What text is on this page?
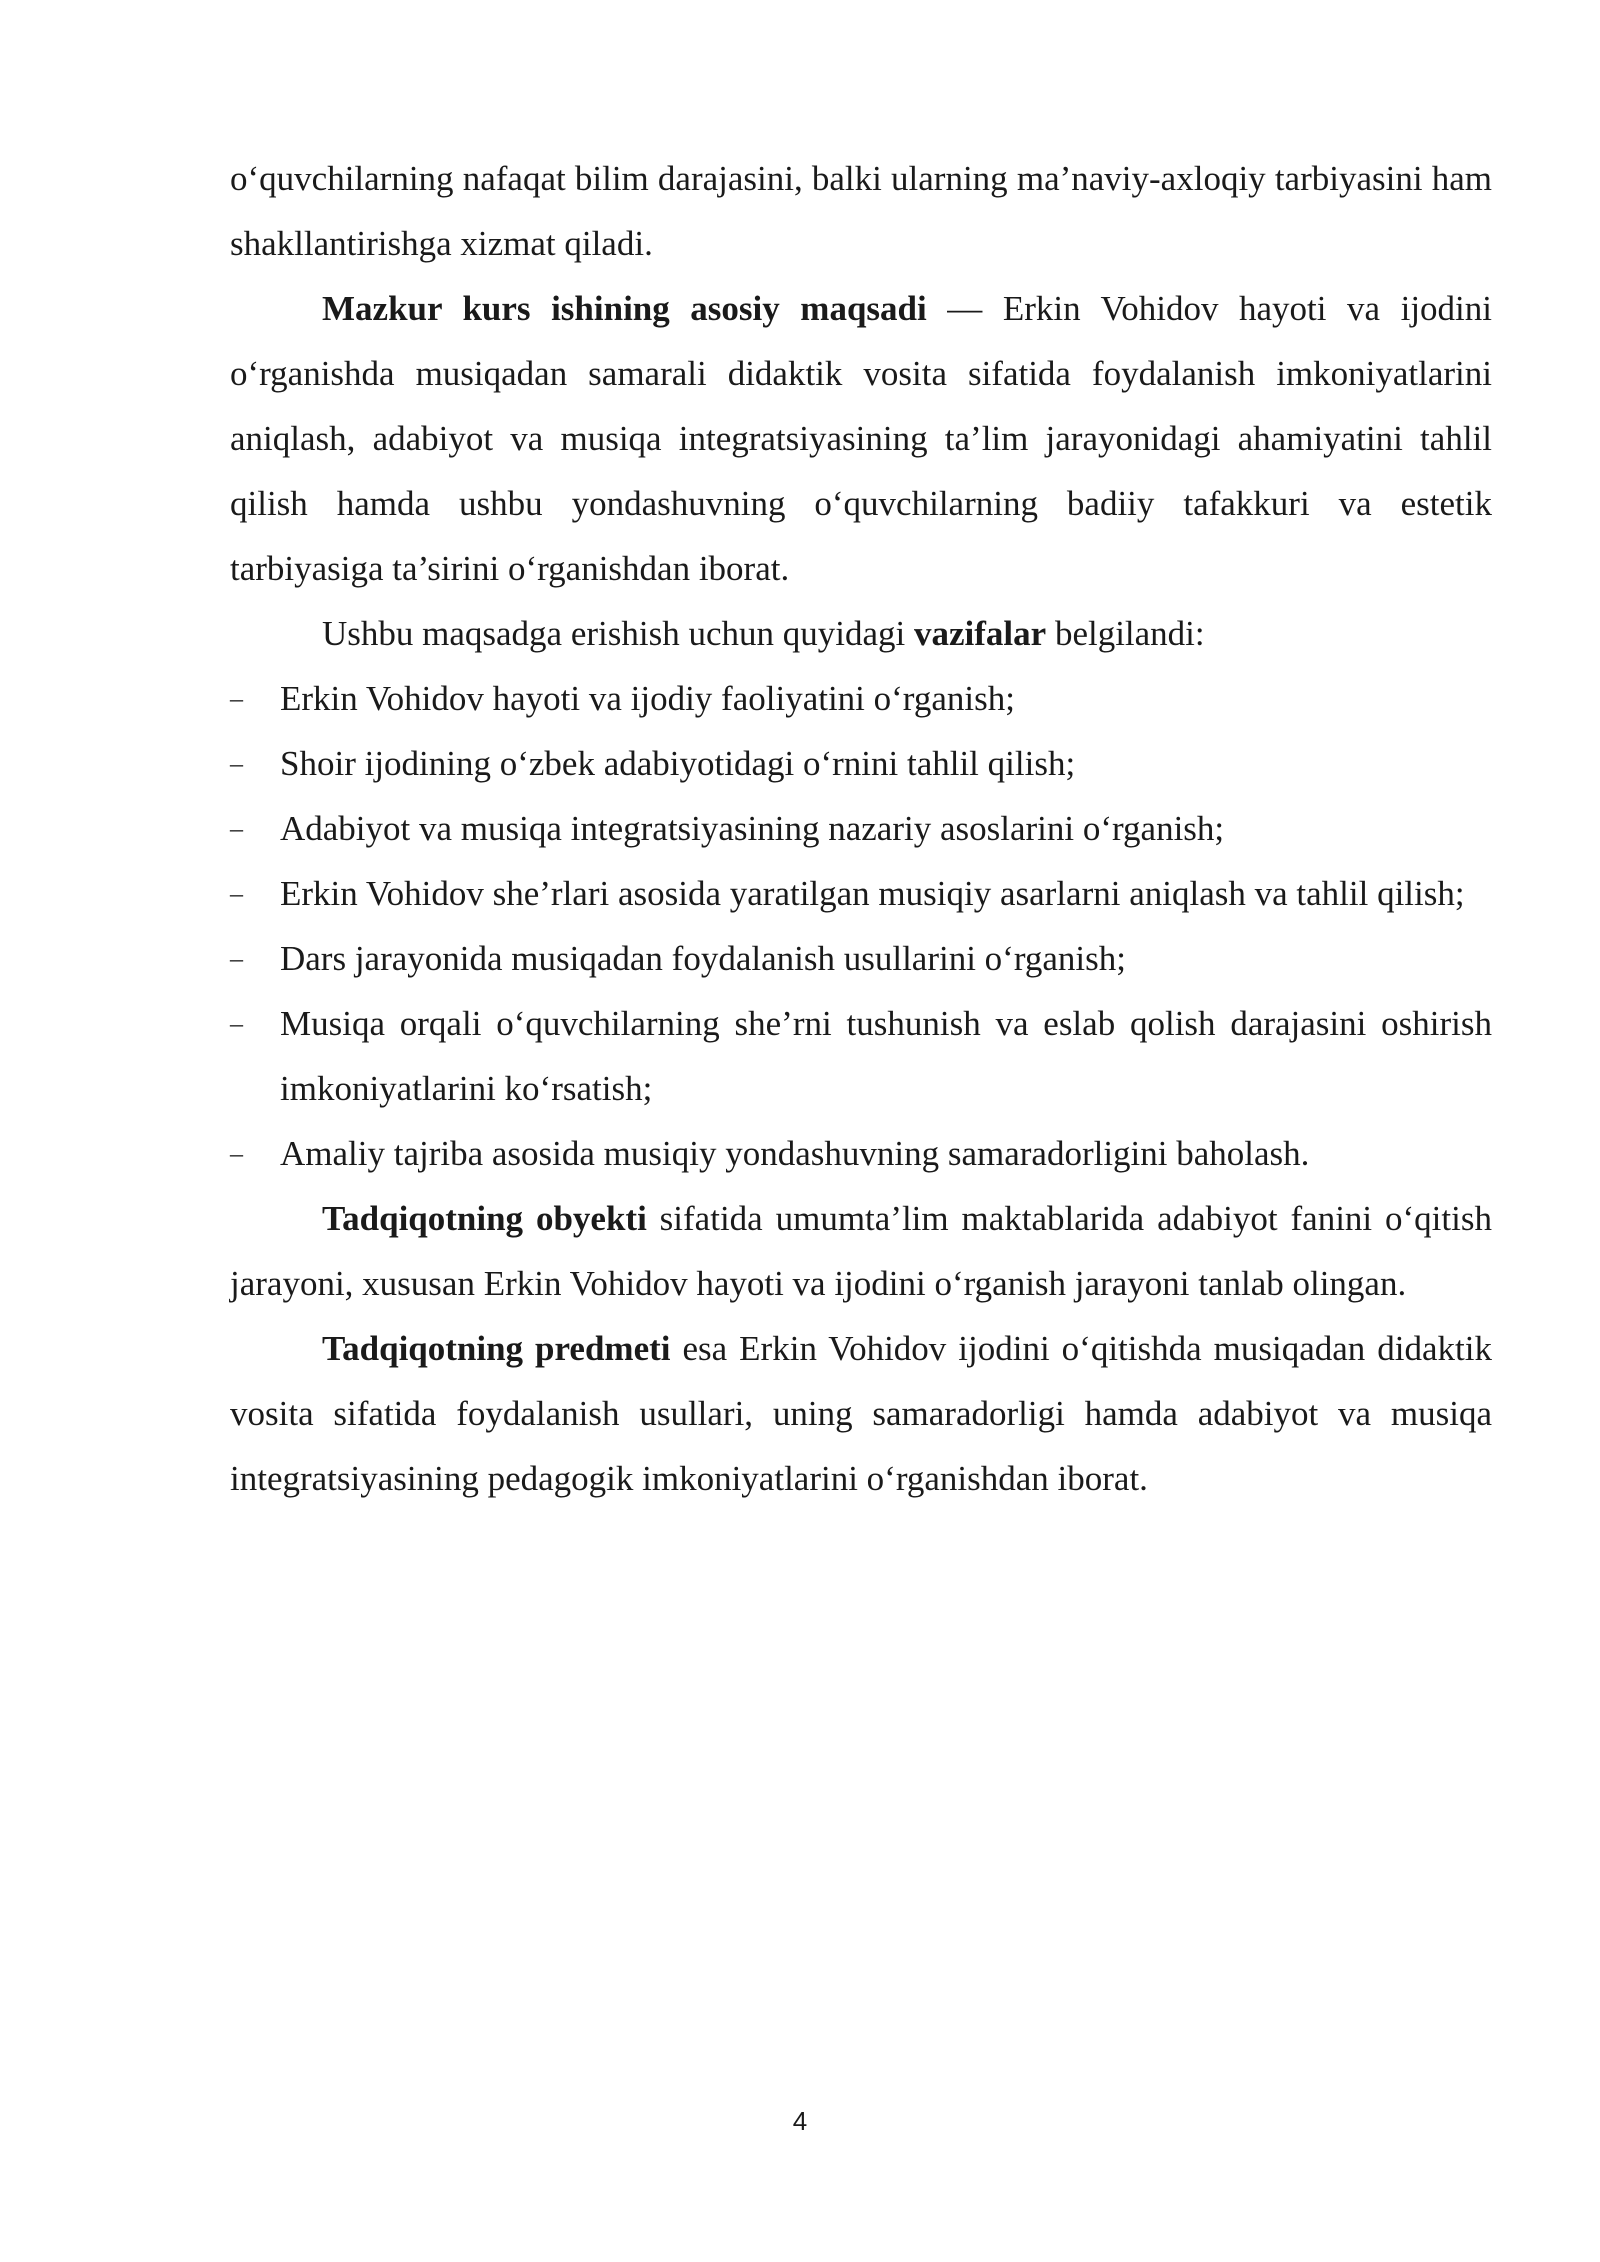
o‘quvchilarning nafaqat bilim darajasini, balki ularning ma’naviy-axloqiy tarbiyasini ham shakllantirishga xizmat qiladi.

Mazkur kurs ishining asosiy maqsadi — Erkin Vohidov hayoti va ijodini o‘rganishda musiqadan samarali didaktik vosita sifatida foydalanish imkoniyatlarini aniqlash, adabiyot va musiqa integratsiyasining ta’lim jarayonidagi ahamiyatini tahlil qilish hamda ushbu yondashuvning o‘quvchilarning badiiy tafakkuri va estetik tarbiyasiga ta’sirini o‘rganishdan iborat.

Ushbu maqsadga erishish uchun quyidagi vazifalar belgilandi:

– Erkin Vohidov hayoti va ijodiy faoliyatini o‘rganish;
– Shoir ijodining o‘zbek adabiyotidagi o‘rnini tahlil qilish;
– Adabiyot va musiqa integratsiyasining nazariy asoslarini o‘rganish;
– Erkin Vohidov she’rlari asosida yaratilgan musiqiy asarlarni aniqlash va tahlil qilish;
– Dars jarayonida musiqadan foydalanish usullarini o‘rganish;
– Musiqa orqali o‘quvchilarning she’rni tushunish va eslab qolish darajasini oshirish imkoniyatlarini ko‘rsatish;
– Amaliy tajriba asosida musiqiy yondashuvning samaradorligini baholash.

Tadqiqotning obyekti sifatida umumta’lim maktablarida adabiyot fanini o‘qitish jarayoni, xususan Erkin Vohidov hayoti va ijodini o‘rganish jarayoni tanlab olingan.

Tadqiqotning predmeti esa Erkin Vohidov ijodini o‘qitishda musiqadan didaktik vosita sifatida foydalanish usullari, uning samaradorligi hamda adabiyot va musiqa integratsiyasining pedagogik imkoniyatlarini o‘rganishdan iborat.

4
